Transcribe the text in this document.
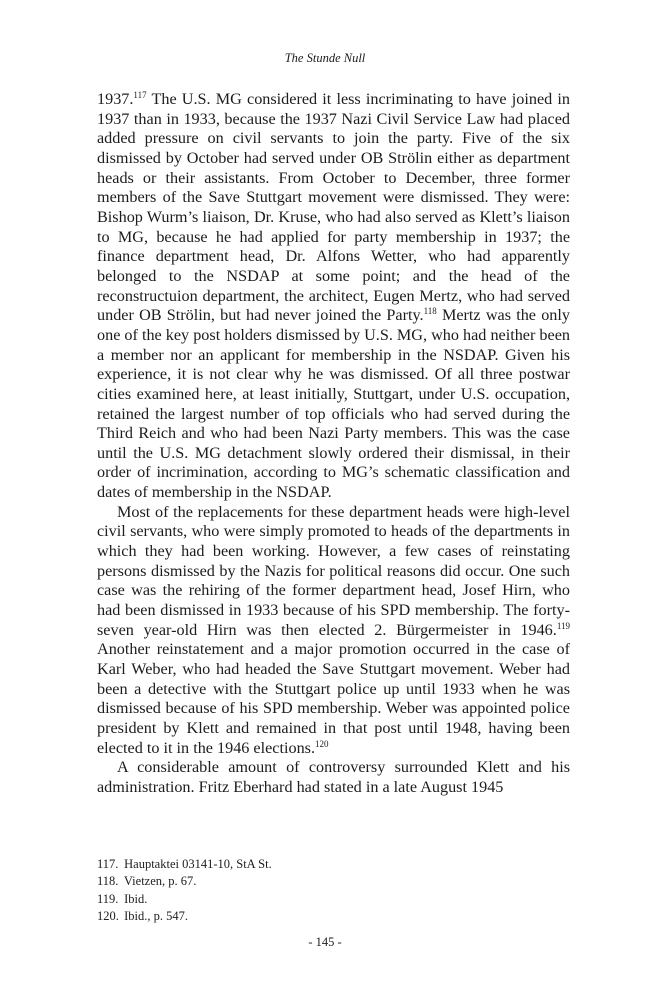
The Stunde Null

1937.$^{117}$ The U.S. MG considered it less incriminating to have joined in 1937 than in 1933, because the 1937 Nazi Civil Service Law had placed added pressure on civil servants to join the party. Five of the six dismissed by October had served under OB Strölin either as department heads or their assistants. From October to December, three former members of the Save Stuttgart movement were dismissed. They were: Bishop Wurm’s liaison, Dr. Kruse, who had also served as Klett’s liaison to MG, because he had applied for party membership in 1937; the finance department head, Dr. Alfons Wetter, who had apparently belonged to the NSDAP at some point; and the head of the reconstructuion department, the architect, Eugen Mertz, who had served under OB Strölin, but had never joined the Party.$^{118}$ Mertz was the only one of the key post holders dismissed by U.S. MG, who had neither been a member nor an applicant for membership in the NSDAP. Given his experience, it is not clear why he was dismissed. Of all three postwar cities examined here, at least initially, Stuttgart, under U.S. occupation, retained the largest number of top officials who had served during the Third Reich and who had been Nazi Party members. This was the case until the U.S. MG detachment slowly ordered their dismissal, in their order of incrimination, according to MG’s schematic classification and dates of membership in the NSDAP.

Most of the replacements for these department heads were high-level civil servants, who were simply promoted to heads of the departments in which they had been working. However, a few cases of reinstating persons dismissed by the Nazis for political reasons did occur. One such case was the rehiring of the former department head, Josef Hirn, who had been dismissed in 1933 because of his SPD membership. The forty-seven year-old Hirn was then elected 2. Bürgermeister in 1946.$^{119}$ Another reinstatement and a major promotion occurred in the case of Karl Weber, who had headed the Save Stuttgart movement. Weber had been a detective with the Stuttgart police up until 1933 when he was dismissed because of his SPD membership. Weber was appointed police president by Klett and remained in that post until 1948, having been elected to it in the 1946 elections.$^{120}$

A considerable amount of controversy surrounded Klett and his administration. Fritz Eberhard had stated in a late August 1945

117. Hauptaktei 03141-10, StA St.
118. Vietzen, p. 67.
119. Ibid.
120. Ibid., p. 547.
- 145 -
